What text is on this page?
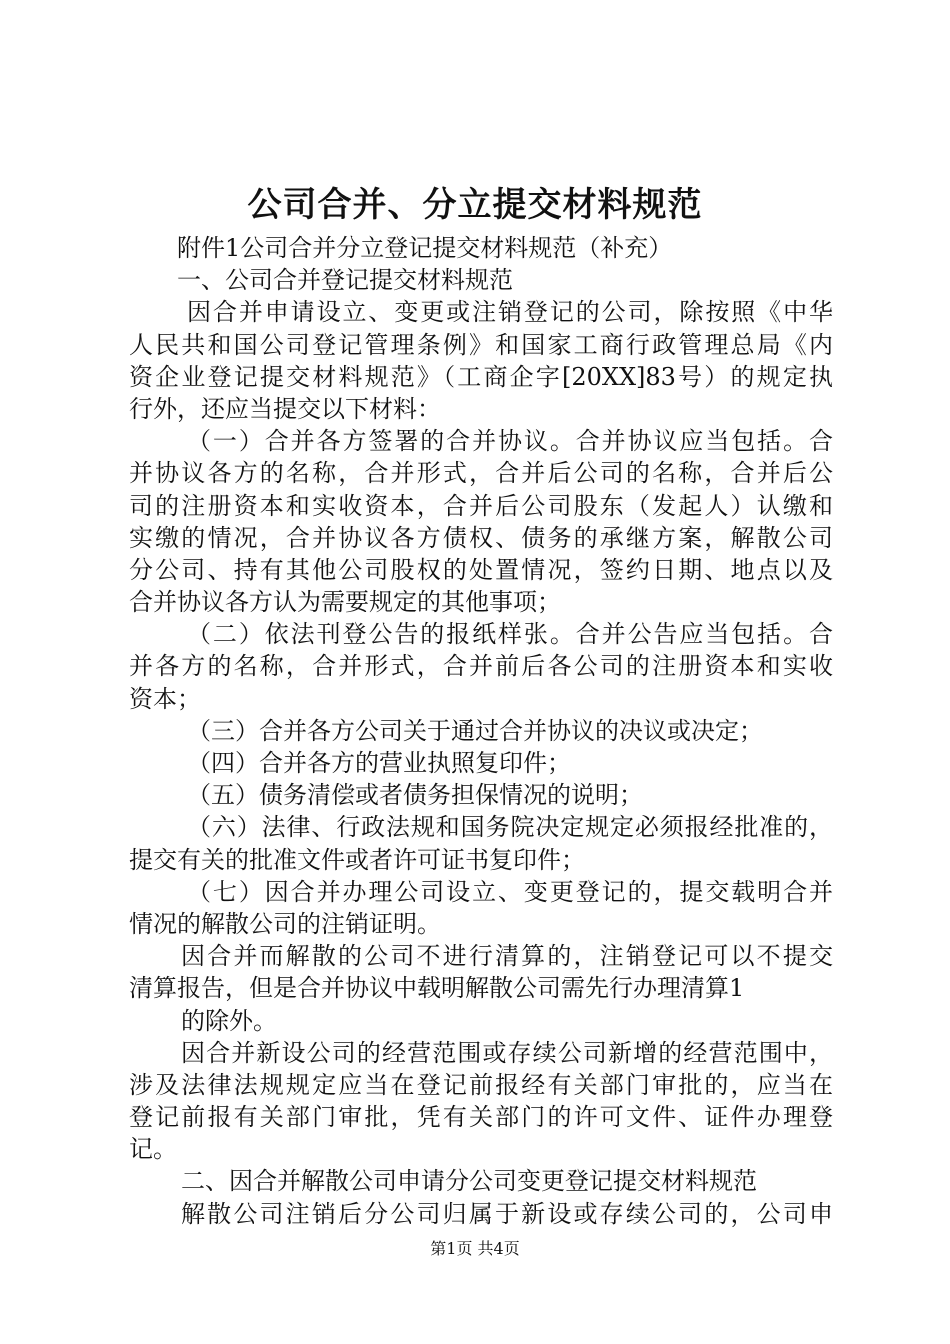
公司合并、分立提交材料规范
附件1公司合并分立登记提交材料规范（补充）
一、公司合并登记提交材料规范
因合并申请设立、变更或注销登记的公司，除按照《中华
人民共和国公司登记管理条例》和国家工商行政管理总局《内
资企业登记提交材料规范》（工商企字[20XX]83号）的规定执
行外，还应当提交以下材料：
（一）合并各方签署的合并协议。合并协议应当包括。合
并协议各方的名称，合并形式，合并后公司的名称，合并后公
司的注册资本和实收资本，合并后公司股东（发起人）认缴和
实缴的情况，合并协议各方债权、债务的承继方案，解散公司
分公司、持有其他公司股权的处置情况，签约日期、地点以及
合并协议各方认为需要规定的其他事项；
（二）依法刊登公告的报纸样张。合并公告应当包括。合
并各方的名称，合并形式，合并前后各公司的注册资本和实收
资本；
（三）合并各方公司关于通过合并协议的决议或决定；
（四）合并各方的营业执照复印件；
（五）债务清偿或者债务担保情况的说明；
（六）法律、行政法规和国务院决定规定必须报经批准的，
提交有关的批准文件或者许可证书复印件；
（七）因合并办理公司设立、变更登记的，提交载明合并
情况的解散公司的注销证明。
因合并而解散的公司不进行清算的，注销登记可以不提交
清算报告，但是合并协议中载明解散公司需先行办理清算1
的除外。
因合并新设公司的经营范围或存续公司新增的经营范围中，
涉及法律法规规定应当在登记前报经有关部门审批的，应当在
登记前报有关部门审批，凭有关部门的许可文件、证件办理登
记。
二、因合并解散公司申请分公司变更登记提交材料规范
解散公司注销后分公司归属于新设或存续公司的，公司申
第1页 共4页
